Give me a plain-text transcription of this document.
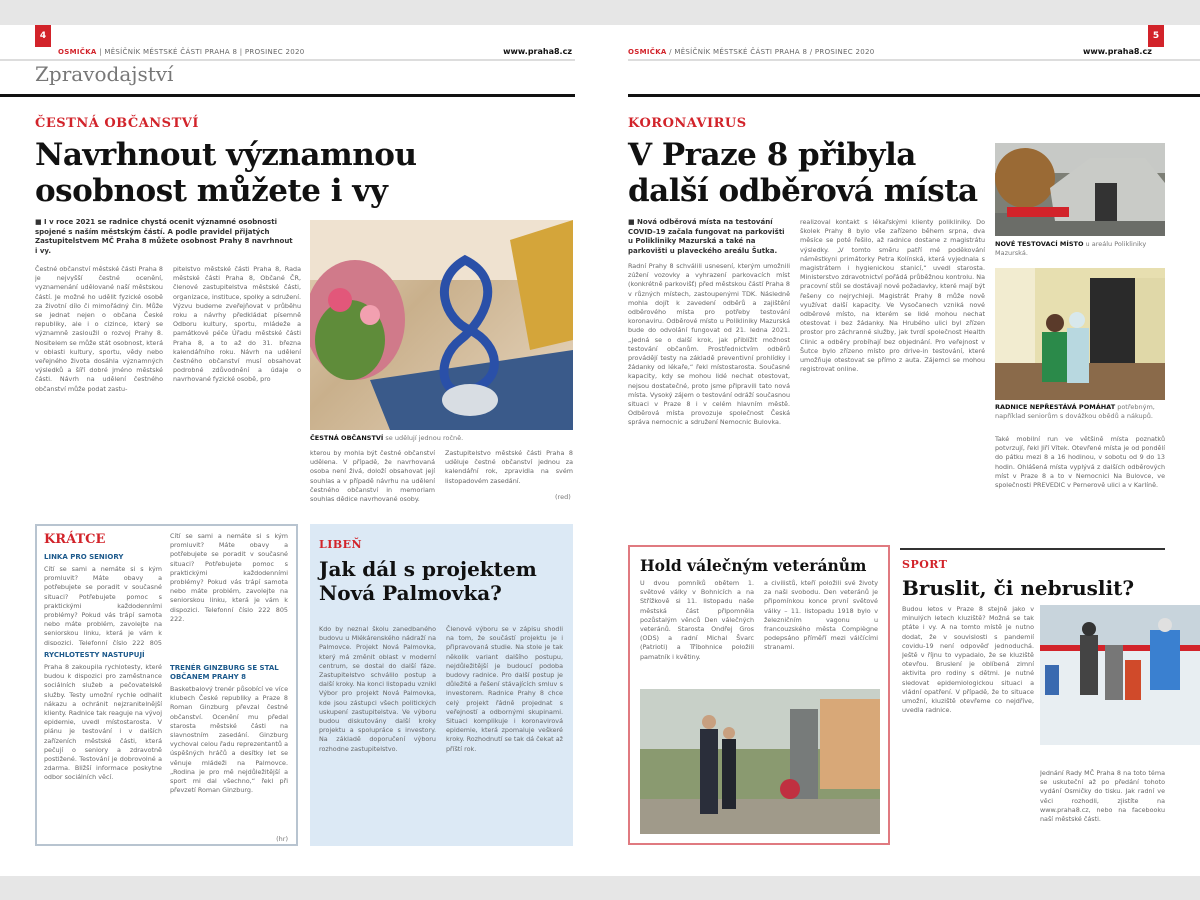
4
OSMIČKA | MĚSÍČNÍK MĚSTSKÉ ČÁSTI PRAHA 8 | PROSINEC 2020	www.praha8.cz
Zpravodajství
ČESTNÁ OBČANSTVÍ
Navrhnout významnou osobnost můžete i vy
■ I v roce 2021 se radnice chystá ocenit významné osobnosti spojené s naším městským částí. A podle pravidel přijatých Zastupitelstvem MČ Praha 8 můžete osobnost Prahy 8 navrhnout i vy.
ČESTNÁ OBČANSTVÍ se udělují jednou ročně.
Čestné občanství městské části Praha 8 je nejvyšší čestné ocenění, vyznamenání udělované naší městskou částí. Je možné ho udělit fyzické osobě za životní dílo či mimořádný čin. Může se jednat nejen o občana České republiky, ale i o cizince, který se významně zasloužil o rozvoj Prahy 8. Nositelem se může stát osobnost, která v oblasti kultury, sportu, vědy nebo veřejného života dosáhla významných výsledků a šíří dobré jméno městské části. Návrh na udělení čestného občanství může podat zastu-
pitelstvo městské části Praha 8, Rada městské části Praha 8, Občané ČR, členové zastupitelstva městské části, organizace, instituce, spolky a sdružení. Výzvu budeme zveřejňovat v průběhu roku a návrhy předkládat písemně Odboru kultury, sportu, mládeže a památkové péče Úřadu městské části Praha 8, a to až do 31. března kalendářního roku. Návrh na udělení čestného občanství musí obsahovat podrobné zdůvodnění a údaje o navrhované fyzické osobě, pro
kterou by mohla být čestné občanství udělena. V případě, že navrhovaná osoba není živá, doloží obsahovat její souhlas a v případě návrhu na udělení čestného občanství in memoriam souhlas dědice navrhované osoby.
Zastupitelstvo městské části Praha 8 uděluje čestné občanství jednou za kalendářní rok, zpravidla na svém listopadovém zasedání.
(red)
KRÁTCE
LINKA PRO SENIORY
Cítí se sami a nemáte si s kým promluvit? Máte obavy a potřebujete se poradit v současné situaci? Potřebujete pomoc s praktickými každodenními problémy? Pokud vás trápí samota nebo máte problém, zavolejte na seniorskou linku, která je vám k dispozici. Telefonní číslo 222 805
RYCHLOTESTY NASTUPUJÍ
Praha 8 zakoupila rychlotesty, které budou k dispozici pro zaměstnance sociálních služeb a pečovatelské služby. Testy umožní rychle odhalit nákazu a ochránit nejzranitelnější klienty. Radnice tak reaguje na vývoj epidemie, uvedl místostarosta. V plánu je testování i v dalších zařízeních městské části, která pečují o seniory a zdravotně postižené. Testování je dobrovolné a zdarma. Bližší informace poskytne odbor sociálních věcí.
Cítí se sami a nemáte si s kým promluvit? Máte obavy a potřebujete se poradit v současné situaci? Potřebujete pomoc s praktickými každodenními problémy? Pokud vás trápí samota nebo máte problém, zavolejte na seniorskou linku, která je vám k dispozici. Telefonní číslo 222 805 222.
TRENÉR GINZBURG SE STAL OBČANEM PRAHY 8
Basketbalový trenér působící ve více klubech České republiky a Praze 8 Roman Ginzburg převzal čestné občanství. Ocenění mu předal starosta městské části na slavnostním zasedání. Ginzburg vychoval celou řadu reprezentantů a úspěšných hráčů a desítky let se věnuje mládeži na Palmovce. „Rodina je pro mě nejdůležitější a sport mi dal všechno,“ řekl při převzetí Roman Ginzburg.
(hr)
LIBEŇ
Jak dál s projektem Nová Palmovka?
Kdo by neznal školu zanedbaného budovu u Mlékárenského nádraží na Palmovce. Projekt Nová Palmovka, který má změnit oblast v moderní centrum, se dostal do další fáze. Zastupitelstvo schválilo postup a další kroky. Na konci listopadu vznikl Výbor pro projekt Nová Palmovka, kde jsou zástupci všech politických uskupení zastupitelstva. Ve výboru budou diskutovány další kroky projektu a spolupráce s investory. Na základě doporučení výboru rozhodne zastupitelstvo.
Členové výboru se v zápisu shodli na tom, že součástí projektu je i připravovaná studie. Na stole je tak několik variant dalšího postupu, nejdůležitější je budoucí podoba budovy radnice. Pro další postup je důležité a řešení stávajících smluv s investorem. Radnice Prahy 8 chce celý projekt řádně projednat s veřejností a odbornými skupinami. Situaci komplikuje i koronavirová epidemie, která zpomaluje veškeré kroky. Rozhodnutí se tak dá čekat až příští rok.
OSMIČKA / MĚSÍČNÍK MĚSTSKÉ ČÁSTI PRAHA 8 / PROSINEC 2020	www.praha8.cz
5
KORONAVIRUS
V Praze 8 přibyla další odběrová místa
■ Nová odběrová místa na testování COVID-19 začala fungovat na parkovišti u Polikliniky Mazurská a také na parkovišti u plaveckého areálu Šutka.
Radní Prahy 8 schválili usnesení, kterým umožnili zúžení vozovky a vyhrazení parkovacích míst (konkrétně parkovišť) před městskou částí Praha 8 v různých místech, zastoupenými TDK. Následně mohla dojít k zavedení odběrů a zajištění odběrového místa pro potřeby testování koronaviru. Odběrové místo u Polikliniky Mazurská bude do odvolání fungovat od 21. ledna 2021. „Jedná se o další krok, jak přiblížit možnost testování občanům. Prostřednictvím odběrů provádějí testy na základě preventivní prohlídky i žádanky od lékaře,“ řekl místostarosta. Současné kapacity, kdy se mohou lidé nechat otestovat, nejsou dostatečné, proto jsme připravili tato nová místa. Vysoký zájem o testování odráží současnou situaci v Praze 8 i v celém hlavním městě. Odběrová místa provozuje společnost Česká správa nemocnic a sdružení Nemocnic Bulovka.
realizoval kontakt s lékařskými klienty polikliniky. Do školek Prahy 8 bylo vše zařízeno během srpna, dva měsíce se poté řešilo, až radnice dostane z magistrátu výsledky. „V tomto směru patří mé poděkování náměstkyni primátorky Petra Kolínská, která vyjednala s magistrátem i hygienickou stanicí,“ uvedl starosta. Ministerstvo zdravotnictví pořádá průběžnou kontrolu. Na pracovní stůl se dostávají nové požadavky, které mají být řešeny co nejrychleji. Magistrát Prahy 8 může nově využívat další kapacity. Ve Vysočanech vzniká nové odběrové místo, na kterém se lidé mohou nechat otestovat i bez žádanky. Na Hrubého ulici byl zřízen prostor pro záchranné služby, jak tvrdí společnost Health Clinic a odběry probíhají bez objednání. Pro veřejnost v Šutce bylo zřízeno místo pro drive-in testování, které umožňuje otestovat se přímo z auta. Zájemci se mohou registrovat online.
NOVÉ TESTOVACÍ MÍSTO u areálu Polikliniky Mazurská.
RADNICE NEPŘESTÁVÁ POMÁHAT potřebným, například seniorům s dovážkou obědů a nákupů.
Také mobilní run ve většině místa poznatků potvrzují, řekl Jiří Vítek. Otevřené místa je od pondělí do pátku mezi 8 a 16 hodinou, v sobotu od 9 do 13 hodin. Ohlášená místa vyplývá z dalších odběrových míst v Praze 8 a to v Nemocnici Na Bulovce, ve společnosti PREVEDIC v Pernerově ulici a v Karlíně.
Hold válečným veteránům
U dvou pomníků obětem 1. světové války v Bohnicích a na Střížkově si 11. listopadu naše městská část připomněla pozůstalým věnců Den válečných veteránů. Starosta Ondřej Gros (ODS) a radní Michal Švarc (Patrioti) a Tříbohnice položili pamatník i květiny.
a civilistů, kteří položili své životy za naši svobodu. Den veteránů je připomínkou konce první světové války – 11. listopadu 1918 bylo v železničním vagonu u francouzského města Compiègne podepsáno příměří mezi válčícími stranami.
SPORT
Bruslit, či nebruslit?
Budou letos v Praze 8 stejně jako v minulých letech kluziště? Možná se tak ptáte i vy. A na tomto místě je nutno dodat, že v souvislosti s pandemií covidu-19 není odpověď jednoduchá. Ještě v říjnu to vypadalo, že se kluziště otevřou. Bruslení je oblíbená zimní aktivita pro rodiny s dětmi. Je nutné sledovat epidemiologickou situaci a vládní opatření. V případě, že to situace umožní, kluziště otevřeme co nejdříve, uvedla radnice.
Jednání Rady MČ Praha 8 na toto téma se uskuteční až po předání tohoto vydání Osmičky do tisku. Jak radní ve věci rozhodli, zjistíte na www.praha8.cz, nebo na facebooku naší městské části.
